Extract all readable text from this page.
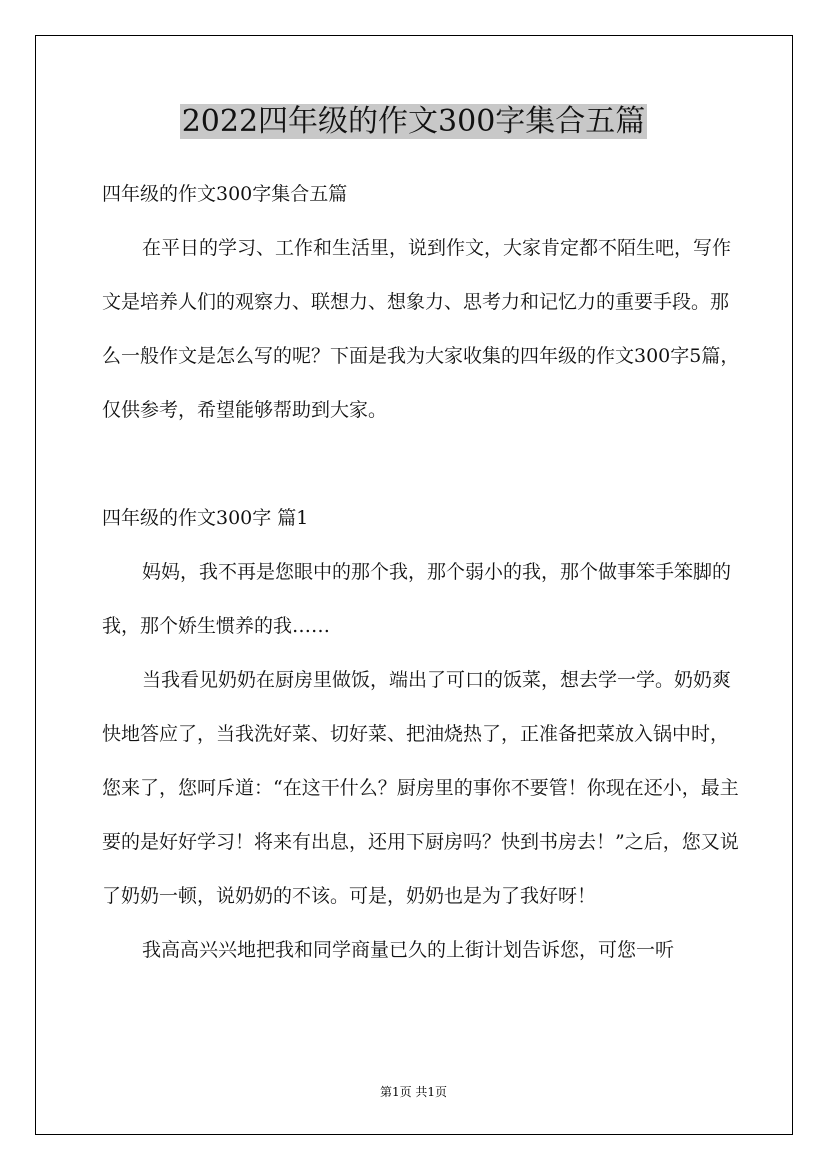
2022四年级的作文300字集合五篇

四年级的作文300字集合五篇

在平日的学习、工作和生活里，说到作文，大家肯定都不陌生吧，写作文是培养人们的观察力、联想力、想象力、思考力和记忆力的重要手段。那么一般作文是怎么写的呢？下面是我为大家收集的四年级的作文300字5篇，仅供参考，希望能够帮助到大家。

四年级的作文300字 篇1

妈妈，我不再是您眼中的那个我，那个弱小的我，那个做事笨手笨脚的我，那个娇生惯养的我……

当我看见奶奶在厨房里做饭，端出了可口的饭菜，想去学一学。奶奶爽快地答应了，当我洗好菜、切好菜、把油烧热了，正准备把菜放入锅中时，您来了，您呵斥道：“在这干什么？厨房里的事你不要管！你现在还小，最主要的是好好学习！将来有出息，还用下厨房吗？快到书房去！”之后，您又说了奶奶一顿，说奶奶的不该。可是，奶奶也是为了我好呀！

我高高兴兴地把我和同学商量已久的上街计划告诉您，可您一听

第1页 共1页
